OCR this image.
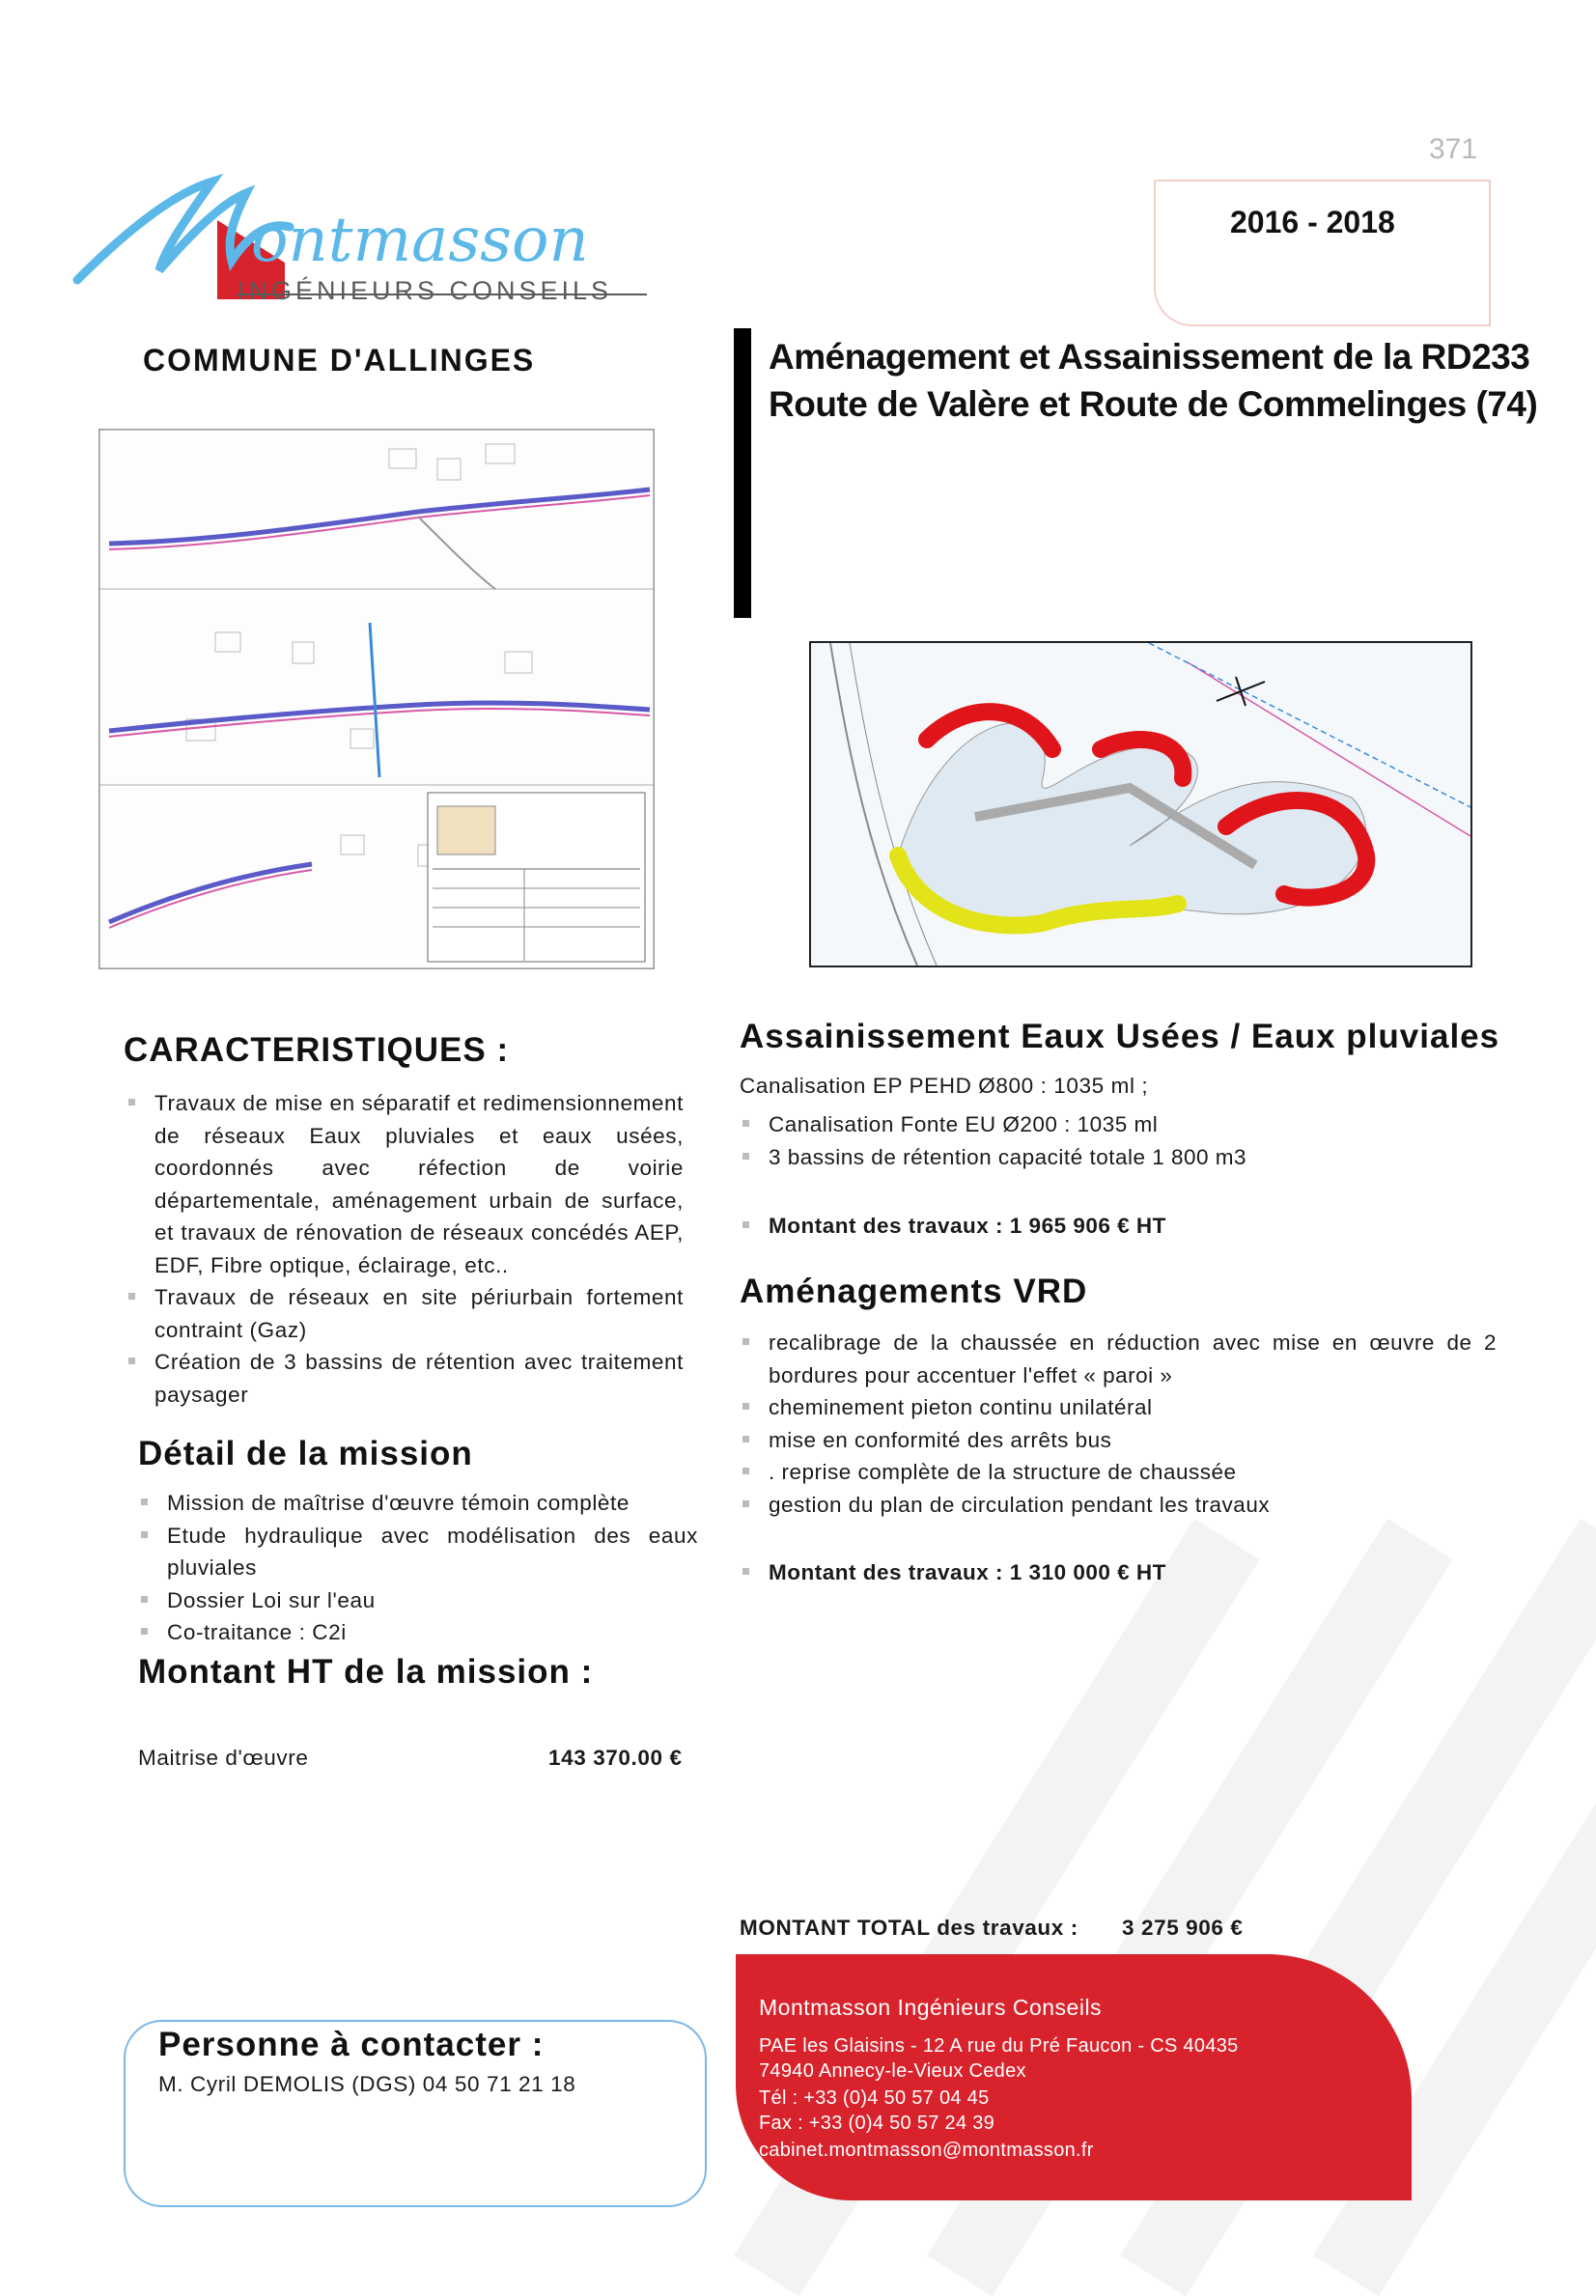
371
ontmasson
INGÉNIEURS CONSEILS
2016 - 2018
COMMUNE D'ALLINGES	Aménagement et Assainissement de la RD233
Route de Valère et Route de Commelinges (74)
CARACTERISTIQUES :
Travaux de mise en séparatif et redimensionnement de réseaux Eaux pluviales et eaux usées, coordonnés avec réfection de voirie départementale, aménagement urbain de surface, et travaux de rénovation de réseaux concédés AEP, EDF, Fibre optique, éclairage, etc..
Travaux de réseaux en site périurbain fortement contraint (Gaz)
Création de 3 bassins de rétention avec traitement paysager
Détail de la mission
Mission de maîtrise d'œuvre témoin complète
Etude hydraulique avec modélisation des eaux pluviales
Dossier Loi sur l'eau
Co-traitance : C2i
Montant HT de la mission :
Maitrise d'œuvre	143 370.00 €
Assainissement Eaux Usées / Eaux pluviales
Canalisation EP PEHD Ø800 : 1035 ml ;
Canalisation Fonte EU Ø200 : 1035 ml
3 bassins de rétention capacité totale 1 800 m3
Montant des travaux : 1 965 906 € HT
Aménagements VRD
recalibrage de la chaussée en réduction avec mise en œuvre de 2 bordures pour accentuer l'effet « paroi »
cheminement pieton continu unilatéral
mise en conformité des arrêts bus
. reprise complète de la structure de chaussée
gestion du plan de circulation pendant les travaux
Montant des travaux : 1 310 000 € HT
MONTANT TOTAL des travaux : 3 275 906 €
Personne à contacter :
M. Cyril DEMOLIS (DGS) 04 50 71 21 18
Montmasson Ingénieurs Conseils
PAE les Glaisins - 12 A rue du Pré Faucon - CS 40435
74940 Annecy-le-Vieux Cedex
Tél : +33 (0)4 50 57 04 45
Fax : +33 (0)4 50 57 24 39
cabinet.montmasson@montmasson.fr
